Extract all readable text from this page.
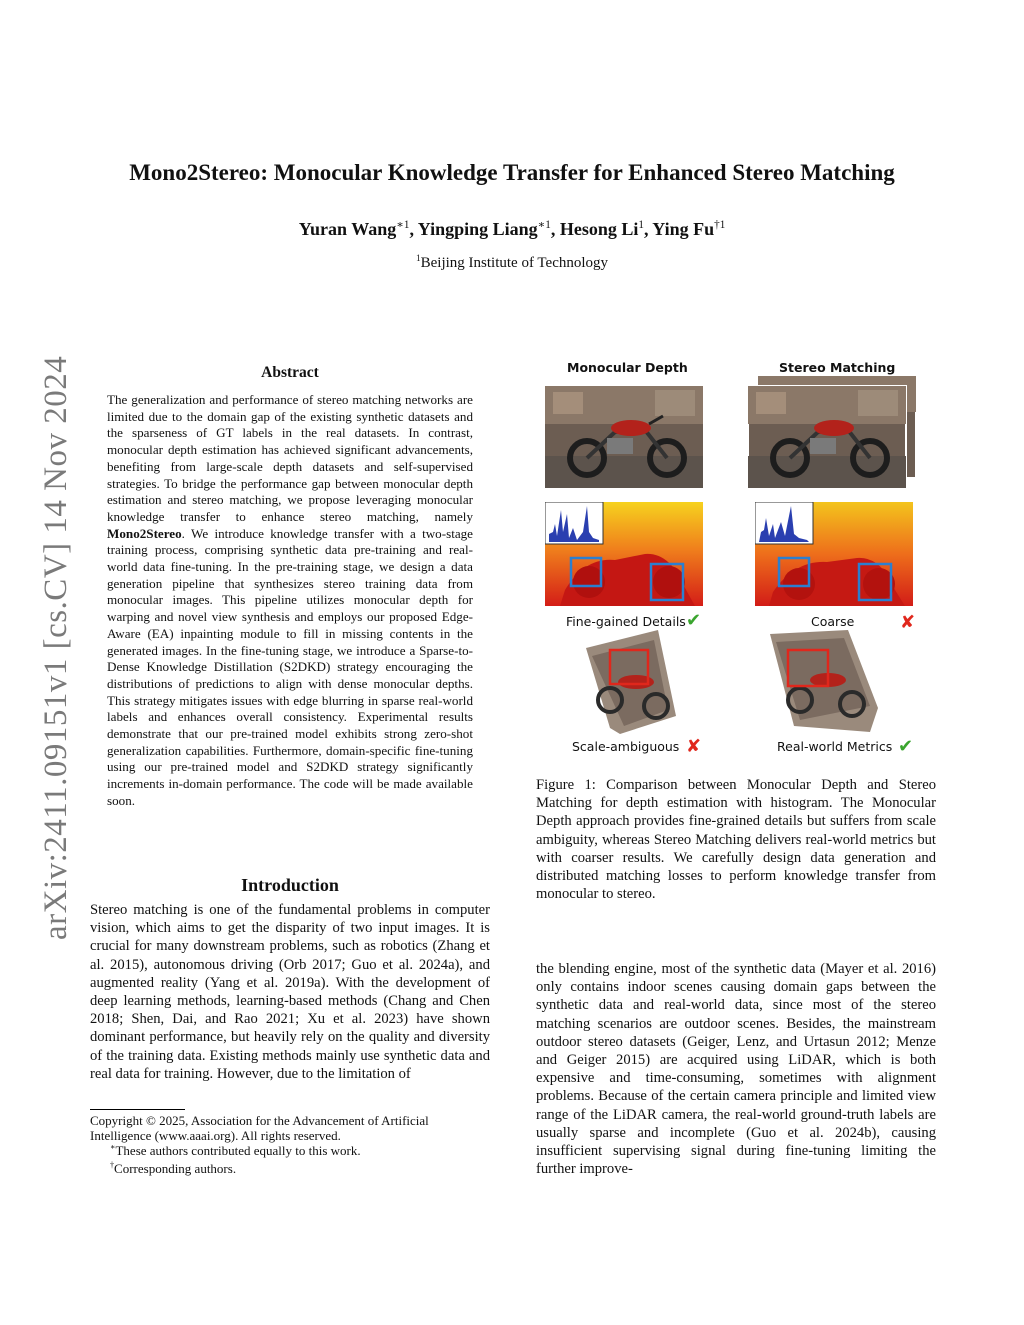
arXiv:2411.09151v1 [cs.CV] 14 Nov 2024
Mono2Stereo: Monocular Knowledge Transfer for Enhanced Stereo Matching
Yuran Wang$^{∗1}$, Yingping Liang$^{∗1}$, Hesong Li$^1$, Ying Fu$^{\dagger 1}$
$^1$Beijing Institute of Technology
Abstract
The generalization and performance of stereo matching networks are limited due to the domain gap of the existing synthetic datasets and the sparseness of GT labels in the real datasets. In contrast, monocular depth estimation has achieved significant advancements, benefiting from large-scale depth datasets and self-supervised strategies. To bridge the performance gap between monocular depth estimation and stereo matching, we propose leveraging monocular knowledge transfer to enhance stereo matching, namely Mono2Stereo. We introduce knowledge transfer with a two-stage training process, comprising synthetic data pre-training and real-world data fine-tuning. In the pre-training stage, we design a data generation pipeline that synthesizes stereo training data from monocular images. This pipeline utilizes monocular depth for warping and novel view synthesis and employs our proposed Edge-Aware (EA) inpainting module to fill in missing contents in the generated images. In the fine-tuning stage, we introduce a Sparse-to-Dense Knowledge Distillation (S2DKD) strategy encouraging the distributions of predictions to align with dense monocular depths. This strategy mitigates issues with edge blurring in sparse real-world labels and enhances overall consistency. Experimental results demonstrate that our pre-trained model exhibits strong zero-shot generalization capabilities. Furthermore, domain-specific fine-tuning using our pre-trained model and S2DKD strategy significantly increments in-domain performance. The code will be made available soon.
Introduction
Stereo matching is one of the fundamental problems in computer vision, which aims to get the disparity of two input images. It is crucial for many downstream problems, such as robotics (Zhang et al. 2015), autonomous driving (Orb 2017; Guo et al. 2024a), and augmented reality (Yang et al. 2019a). With the development of deep learning methods, learning-based methods (Chang and Chen 2018; Shen, Dai, and Rao 2021; Xu et al. 2023) have shown dominant performance, but heavily rely on the quality and diversity of the training data. Existing methods mainly use synthetic data and real data for training. However, due to the limitation of
Copyright © 2025, Association for the Advancement of Artificial Intelligence (www.aaai.org). All rights reserved.
∗These authors contributed equally to this work.
†Corresponding authors.
Monocular Depth	Stereo Matching
Fine-gained Details ✔	Coarse	✘
Scale-ambiguous ✘	Real-world Metrics ✔
Figure 1: Comparison between Monocular Depth and Stereo Matching for depth estimation with histogram. The Monocular Depth approach provides fine-grained details but suffers from scale ambiguity, whereas Stereo Matching delivers real-world metrics but with coarser results. We carefully design data generation and distributed matching losses to perform knowledge transfer from monocular to stereo.
the blending engine, most of the synthetic data (Mayer et al. 2016) only contains indoor scenes causing domain gaps between the synthetic data and real-world data, since most of the stereo matching scenarios are outdoor scenes. Besides, the mainstream outdoor stereo datasets (Geiger, Lenz, and Urtasun 2012; Menze and Geiger 2015) are acquired using LiDAR, which is both expensive and time-consuming, sometimes with alignment problems. Because of the certain camera principle and limited view range of the LiDAR camera, the real-world ground-truth labels are usually sparse and incomplete (Guo et al. 2024b), causing insufficient supervising signal during fine-tuning limiting the further improve-
